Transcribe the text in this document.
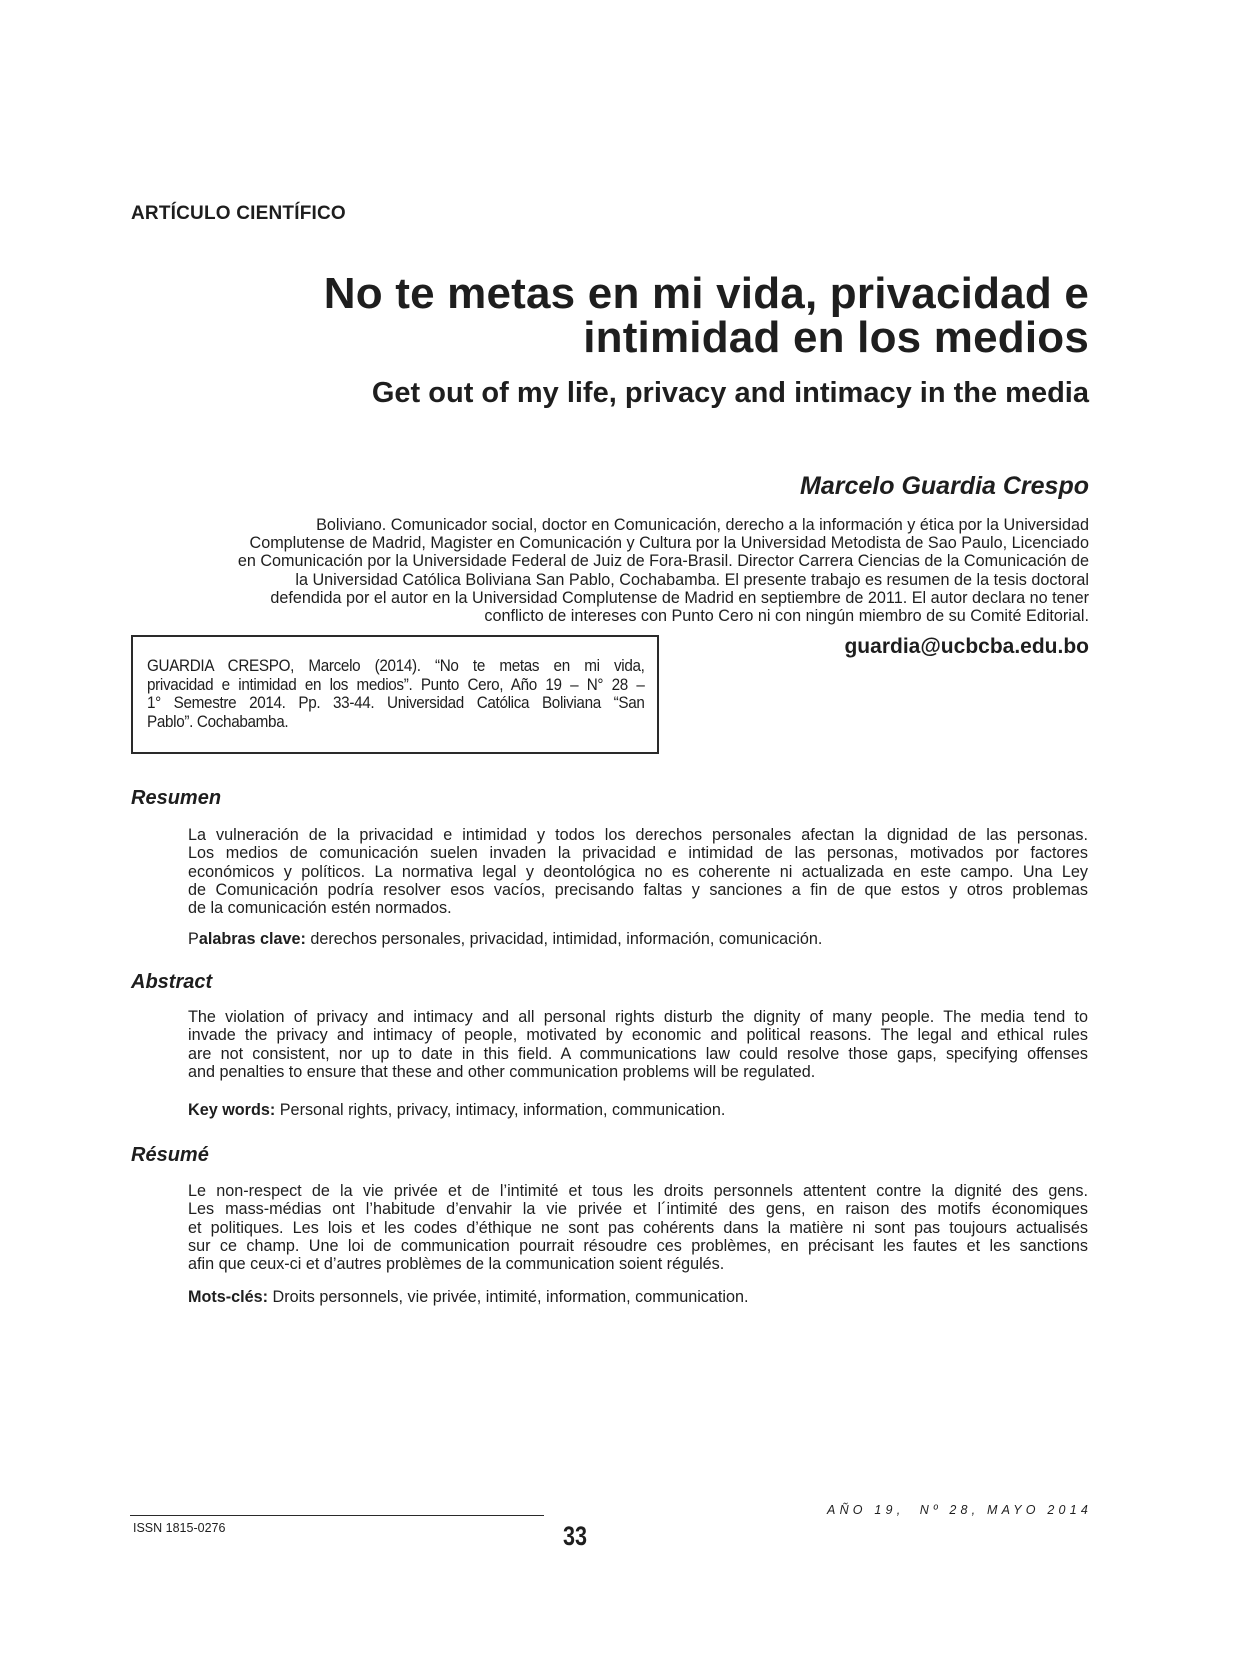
ARTÍCULO CIENTÍFICO
No te metas en mi vida, privacidad e
intimidad en los medios
Get out of my life, privacy and intimacy in the media
Marcelo Guardia Crespo
Boliviano. Comunicador social, doctor en Comunicación, derecho a la información y ética por la Universidad
Complutense de Madrid, Magister en Comunicación y Cultura por la Universidad Metodista de Sao Paulo, Licenciado
en Comunicación por la Universidade Federal de Juiz de Fora-Brasil. Director Carrera Ciencias de la Comunicación de
la Universidad Católica Boliviana San Pablo, Cochabamba. El presente trabajo es resumen de la tesis doctoral
defendida por el autor en la Universidad Complutense de Madrid en septiembre de 2011. El autor declara no tener
conflicto de intereses con Punto Cero ni con ningún miembro de su Comité Editorial.
GUARDIA CRESPO, Marcelo (2014). “No te metas en mi vida,
privacidad e intimidad en los medios”. Punto Cero, Año 19 – N° 28 –
1° Semestre 2014. Pp. 33-44. Universidad Católica Boliviana “San
Pablo”. Cochabamba.
guardia@ucbcba.edu.bo
Resumen
La vulneración de la privacidad e intimidad y todos los derechos personales afectan la dignidad de las personas.
Los medios de comunicación suelen invaden la privacidad e intimidad de las personas, motivados por factores
económicos y políticos. La normativa legal y deontológica no es coherente ni actualizada en este campo. Una Ley
de Comunicación podría resolver esos vacíos, precisando faltas y sanciones a fin de que estos y otros problemas
de la comunicación estén normados.
Palabras clave: derechos personales, privacidad, intimidad, información, comunicación.
Abstract
The violation of privacy and intimacy and all personal rights disturb the dignity of many people. The media tend to
invade the privacy and intimacy of people, motivated by economic and political reasons. The legal and ethical rules
are not consistent, nor up to date in this field. A communications law could resolve those gaps, specifying offenses
and penalties to ensure that these and other communication problems will be regulated.
Key words: Personal rights, privacy, intimacy, information, communication.
Résumé
Le non-respect de la vie privée et de l’intimité et tous les droits personnels attentent contre la dignité des gens.
Les mass-médias ont l’habitude d’envahir la vie privée et l´intimité des gens, en raison des motifs économiques
et politiques. Les lois et les codes d’éthique ne sont pas cohérents dans la matière ni sont pas toujours actualisés
sur ce champ. Une loi de communication pourrait résoudre ces problèmes, en précisant les fautes et les sanctions
afin que ceux-ci et d’autres problèmes de la communication soient régulés.
Mots-clés: Droits personnels, vie privée, intimité, information, communication.
ISSN 1815-0276	33
AÑO 19,  Nº 28, MAYO 2014
